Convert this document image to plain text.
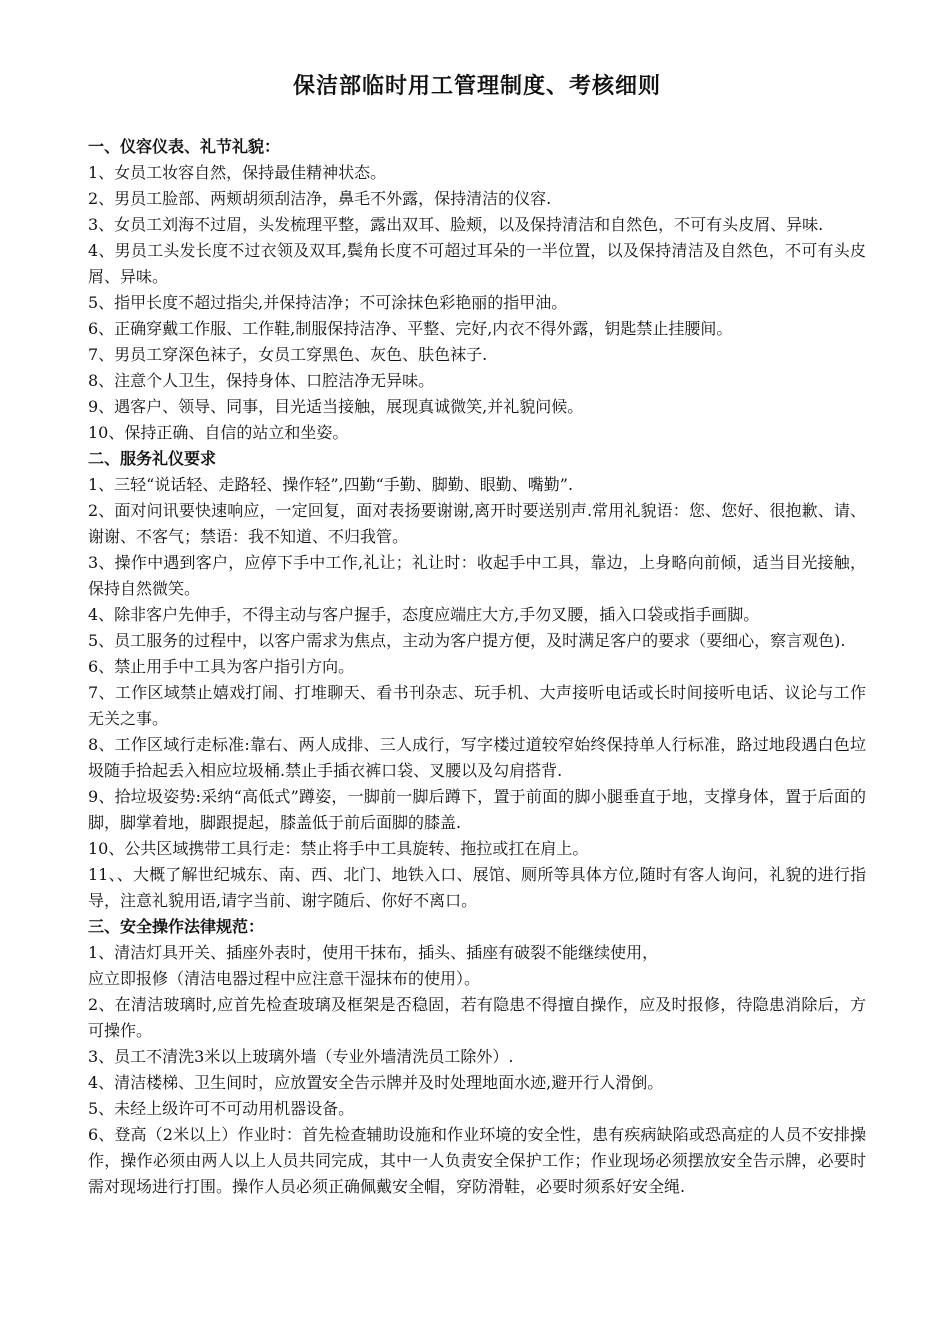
保洁部临时用工管理制度、考核细则
一、仪容仪表、礼节礼貌：

1、女员工妆容自然，保持最佳精神状态。

2、男员工脸部、两颊胡须刮洁净，鼻毛不外露，保持清洁的仪容.

3、女员工刘海不过眉，头发梳理平整，露出双耳、脸颊，以及保持清洁和自然色，不可有头皮屑、异味.

4、男员工头发长度不过衣领及双耳,鬓角长度不可超过耳朵的一半位置，以及保持清洁及自然色，不可有头皮屑、异味。

5、指甲长度不超过指尖,并保持洁净；不可涂抹色彩艳丽的指甲油。

6、正确穿戴工作服、工作鞋,制服保持洁净、平整、完好,内衣不得外露，钥匙禁止挂腰间。

7、男员工穿深色袜子，女员工穿黑色、灰色、肤色袜子.

8、注意个人卫生，保持身体、口腔洁净无异味。

9、遇客户、领导、同事，目光适当接触，展现真诚微笑,并礼貌问候。

10、保持正确、自信的站立和坐姿。

二、服务礼仪要求

1、三轻“说话轻、走路轻、操作轻”,四勤“手勤、脚勤、眼勤、嘴勤”.

2、面对问讯要快速响应，一定回复，面对表扬要谢谢,离开时要送别声.常用礼貌语：您、您好、很抱歉、请、谢谢、不客气；禁语：我不知道、不归我管。

3、操作中遇到客户，应停下手中工作,礼让；礼让时：收起手中工具，靠边，上身略向前倾，适当目光接触，保持自然微笑。

4、除非客户先伸手，不得主动与客户握手，态度应端庄大方,手勿叉腰，插入口袋或指手画脚。

5、员工服务的过程中，以客户需求为焦点，主动为客户提方便，及时满足客户的要求（要细心，察言观色).

6、禁止用手中工具为客户指引方向。

7、工作区域禁止嬉戏打闹、打堆聊天、看书刊杂志、玩手机、大声接听电话或长时间接听电话、议论与工作无关之事。

8、工作区域行走标准:靠右、两人成排、三人成行，写字楼过道较窄始终保持单人行标准，路过地段遇白色垃圾随手拾起丢入相应垃圾桶.禁止手插衣裤口袋、叉腰以及勾肩搭背.

9、拾垃圾姿势:采纳“高低式”蹲姿，一脚前一脚后蹲下，置于前面的脚小腿垂直于地，支撑身体，置于后面的脚，脚掌着地，脚跟提起，膝盖低于前后面脚的膝盖.

10、公共区域携带工具行走：禁止将手中工具旋转、拖拉或扛在肩上。

11、、大概了解世纪城东、南、西、北门、地铁入口、展馆、厕所等具体方位,随时有客人询问，礼貌的进行指导，注意礼貌用语,请字当前、谢字随后、你好不离口。

三、安全操作法律规范：

1、清洁灯具开关、插座外表时，使用干抹布，插头、插座有破裂不能继续使用，

应立即报修（清洁电器过程中应注意干湿抹布的使用）。

2、在清洁玻璃时,应首先检查玻璃及框架是否稳固，若有隐患不得擅自操作，应及时报修，待隐患消除后，方可操作。

3、员工不清洗3米以上玻璃外墙（专业外墙清洗员工除外）.

4、清洁楼梯、卫生间时，应放置安全告示牌并及时处理地面水迹,避开行人滑倒。

5、未经上级许可不可动用机器设备。

6、登高（2米以上）作业时：首先检查辅助设施和作业环境的安全性，患有疾病缺陷或恐高症的人员不安排操作，操作必须由两人以上人员共同完成，其中一人负责安全保护工作；作业现场必须摆放安全告示牌，必要时需对现场进行打围。操作人员必须正确佩戴安全帽，穿防滑鞋，必要时须系好安全绳.
